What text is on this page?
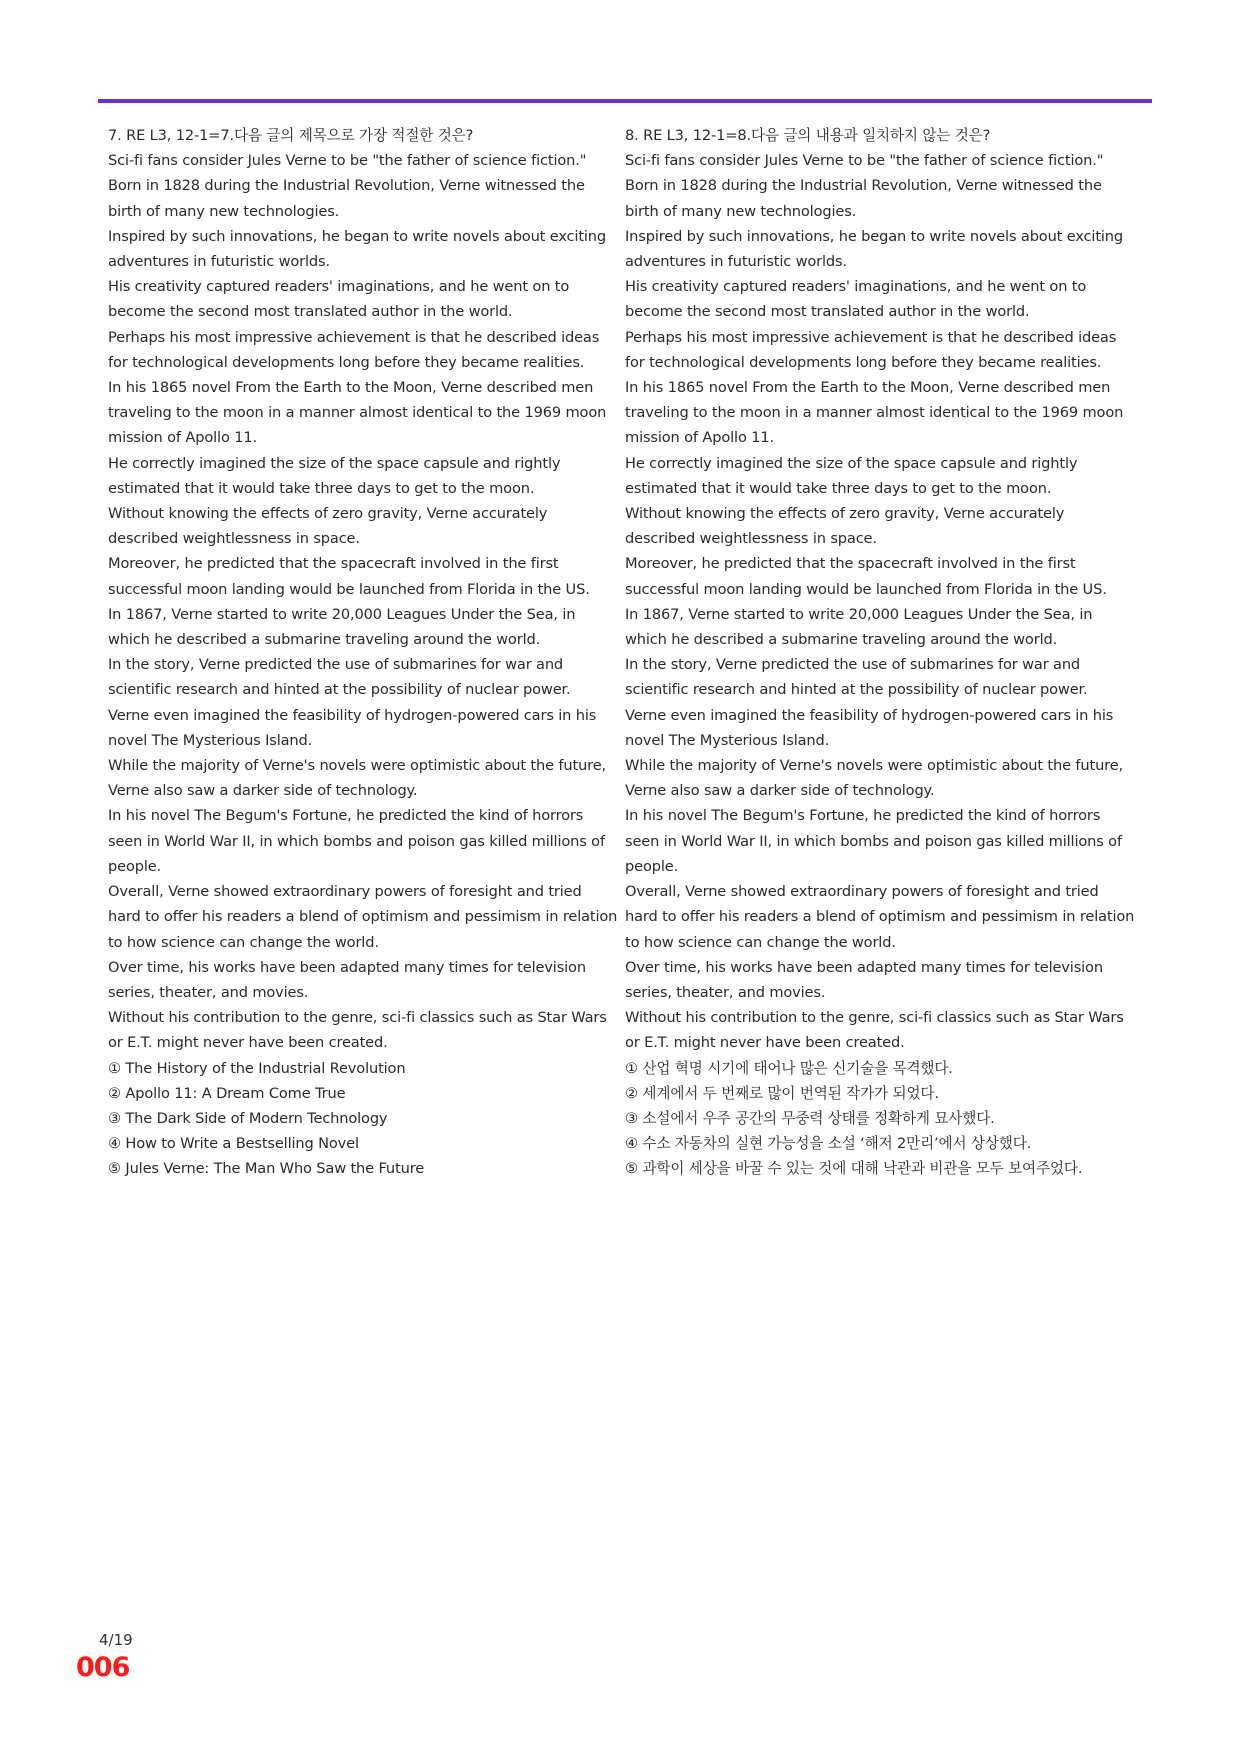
7. RE L3, 12-1=7.다음 글의 제목으로 가장 적절한 것은?

Sci-fi fans consider Jules Verne to be "the father of science fiction."

Born in 1828 during the Industrial Revolution, Verne witnessed the birth of many new technologies.

Inspired by such innovations, he began to write novels about exciting adventures in futuristic worlds.

His creativity captured readers' imaginations, and he went on to become the second most translated author in the world.

Perhaps his most impressive achievement is that he described ideas for technological developments long before they became realities.

In his 1865 novel From the Earth to the Moon, Verne described men traveling to the moon in a manner almost identical to the 1969 moon mission of Apollo 11.

He correctly imagined the size of the space capsule and rightly estimated that it would take three days to get to the moon.

Without knowing the effects of zero gravity, Verne accurately described weightlessness in space.

Moreover, he predicted that the spacecraft involved in the first successful moon landing would be launched from Florida in the US.

In 1867, Verne started to write 20,000 Leagues Under the Sea, in which he described a submarine traveling around the world.

In the story, Verne predicted the use of submarines for war and scientific research and hinted at the possibility of nuclear power.

Verne even imagined the feasibility of hydrogen-powered cars in his novel The Mysterious Island.

While the majority of Verne's novels were optimistic about the future, Verne also saw a darker side of technology.

In his novel The Begum's Fortune, he predicted the kind of horrors seen in World War II, in which bombs and poison gas killed millions of people.

Overall, Verne showed extraordinary powers of foresight and tried hard to offer his readers a blend of optimism and pessimism in relation to how science can change the world.

Over time, his works have been adapted many times for television series, theater, and movies.

Without his contribution to the genre, sci-fi classics such as Star Wars or E.T. might never have been created.

① The History of the Industrial Revolution

② Apollo 11: A Dream Come True

③ The Dark Side of Modern Technology

④ How to Write a Bestselling Novel

⑤ Jules Verne: The Man Who Saw the Future

8. RE L3, 12-1=8.다음 글의 내용과 일치하지 않는 것은?

Sci-fi fans consider Jules Verne to be "the father of science fiction."

Born in 1828 during the Industrial Revolution, Verne witnessed the birth of many new technologies.

Inspired by such innovations, he began to write novels about exciting adventures in futuristic worlds.

His creativity captured readers' imaginations, and he went on to become the second most translated author in the world.

Perhaps his most impressive achievement is that he described ideas for technological developments long before they became realities.

In his 1865 novel From the Earth to the Moon, Verne described men traveling to the moon in a manner almost identical to the 1969 moon mission of Apollo 11.

He correctly imagined the size of the space capsule and rightly estimated that it would take three days to get to the moon.

Without knowing the effects of zero gravity, Verne accurately described weightlessness in space.

Moreover, he predicted that the spacecraft involved in the first successful moon landing would be launched from Florida in the US.

In 1867, Verne started to write 20,000 Leagues Under the Sea, in which he described a submarine traveling around the world.

In the story, Verne predicted the use of submarines for war and scientific research and hinted at the possibility of nuclear power.

Verne even imagined the feasibility of hydrogen-powered cars in his novel The Mysterious Island.

While the majority of Verne's novels were optimistic about the future, Verne also saw a darker side of technology.

In his novel The Begum's Fortune, he predicted the kind of horrors seen in World War II, in which bombs and poison gas killed millions of people.

Overall, Verne showed extraordinary powers of foresight and tried hard to offer his readers a blend of optimism and pessimism in relation to how science can change the world.

Over time, his works have been adapted many times for television series, theater, and movies.

Without his contribution to the genre, sci-fi classics such as Star Wars or E.T. might never have been created.

① 산업 혁명 시기에 태어나 많은 신기술을 목격했다.

② 세계에서 두 번째로 많이 번역된 작가가 되었다.

③ 소설에서 우주 공간의 무중력 상태를 정확하게 묘사했다.

④ 수소 자동차의 실현 가능성을 소설 ‘해저 2만리’에서 상상했다.

⑤ 과학이 세상을 바꿀 수 있는 것에 대해 낙관과 비관을 모두 보여주었다.

4/19
006
